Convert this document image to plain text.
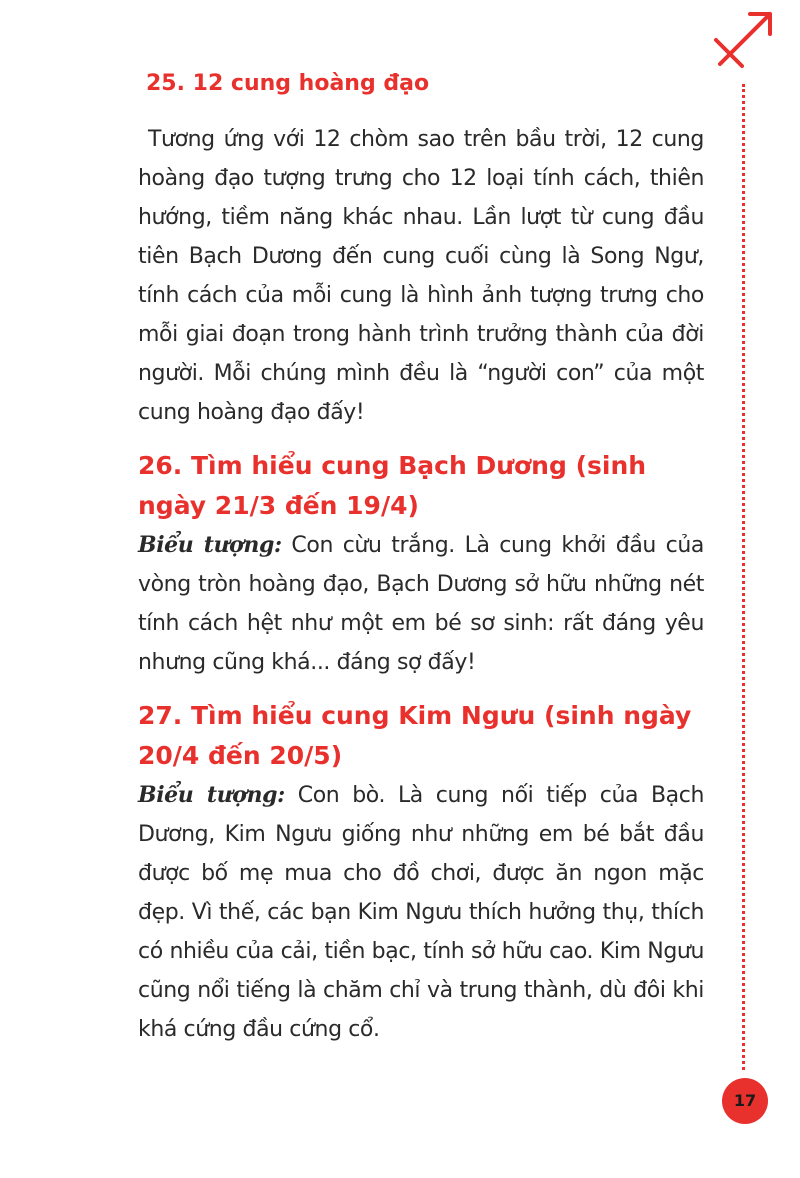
25. 12 cung hoàng đạo

Tương ứng với 12 chòm sao trên bầu trời, 12 cung hoàng đạo tượng trưng cho 12 loại tính cách, thiên hướng, tiềm năng khác nhau. Lần lượt từ cung đầu tiên Bạch Dương đến cung cuối cùng là Song Ngư, tính cách của mỗi cung là hình ảnh tượng trưng cho mỗi giai đoạn trong hành trình trưởng thành của đời người. Mỗi chúng mình đều là “người con” của một cung hoàng đạo đấy!

26. Tìm hiểu cung Bạch Dương (sinh ngày 21/3 đến 19/4)

Biểu tượng: Con cừu trắng. Là cung khởi đầu của vòng tròn hoàng đạo, Bạch Dương sở hữu những nét tính cách hệt như một em bé sơ sinh: rất đáng yêu nhưng cũng khá... đáng sợ đấy!

27. Tìm hiểu cung Kim Ngưu (sinh ngày 20/4 đến 20/5)

Biểu tượng: Con bò. Là cung nối tiếp của Bạch Dương, Kim Ngưu giống như những em bé bắt đầu được bố mẹ mua cho đồ chơi, được ăn ngon mặc đẹp. Vì thế, các bạn Kim Ngưu thích hưởng thụ, thích có nhiều của cải, tiền bạc, tính sở hữu cao. Kim Ngưu cũng nổi tiếng là chăm chỉ và trung thành, dù đôi khi khá cứng đầu cứng cổ.

17
